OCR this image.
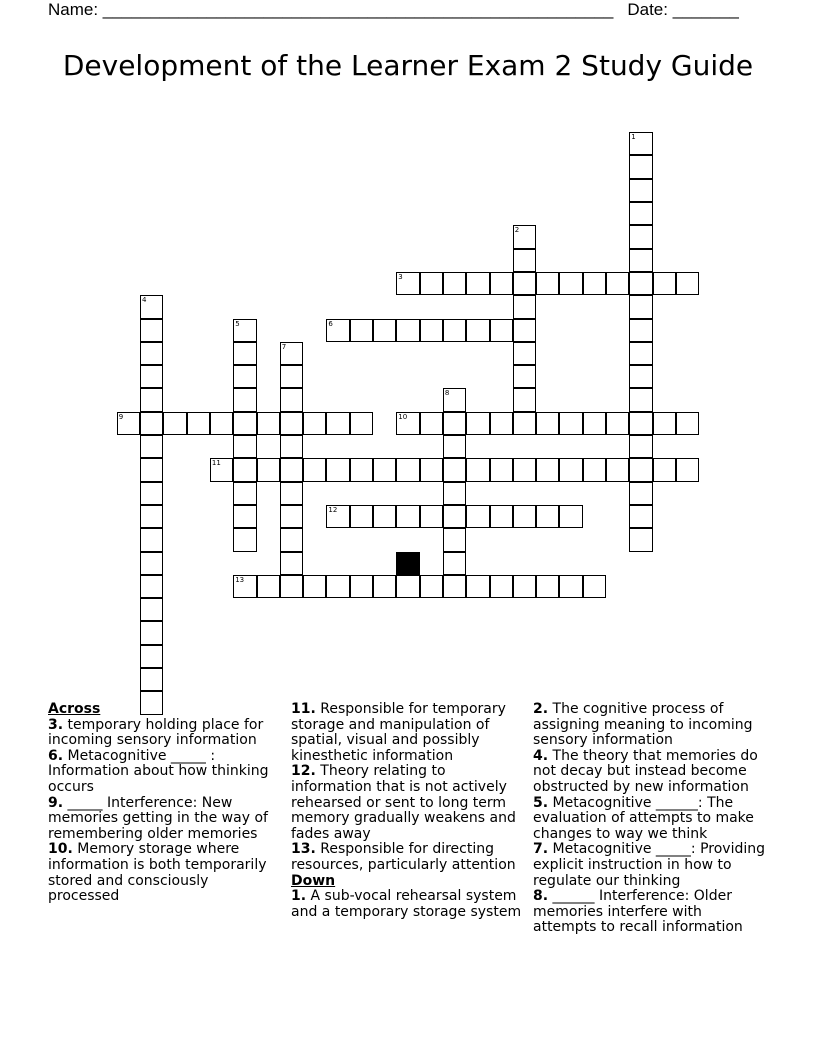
Name: ______________________________________________________ Date: _______
Development of the Learner Exam 2 Study Guide
1
2
3
4
5	6
7
8
9	10
11
12
13

Across

3. temporary holding place for incoming sensory information

6. Metacognitive _____ : Information about how thinking occurs

9. _____ Interference: New memories getting in the way of remembering older memories

10. Memory storage where information is both temporarily stored and consciously processed

11. Responsible for temporary storage and manipulation of spatial, visual and possibly kinesthetic information

12. Theory relating to information that is not actively rehearsed or sent to long term memory gradually weakens and fades away

13. Responsible for directing resources, particularly attention

Down

1. A sub-vocal rehearsal system and a temporary storage system

2. The cognitive process of assigning meaning to incoming sensory information

4. The theory that memories do not decay but instead become obstructed by new information

5. Metacognitive ______: The evaluation of attempts to make changes to way we think

7. Metacognitive _____: Providing explicit instruction in how to regulate our thinking

8. ______ Interference: Older memories interfere with attempts to recall information
